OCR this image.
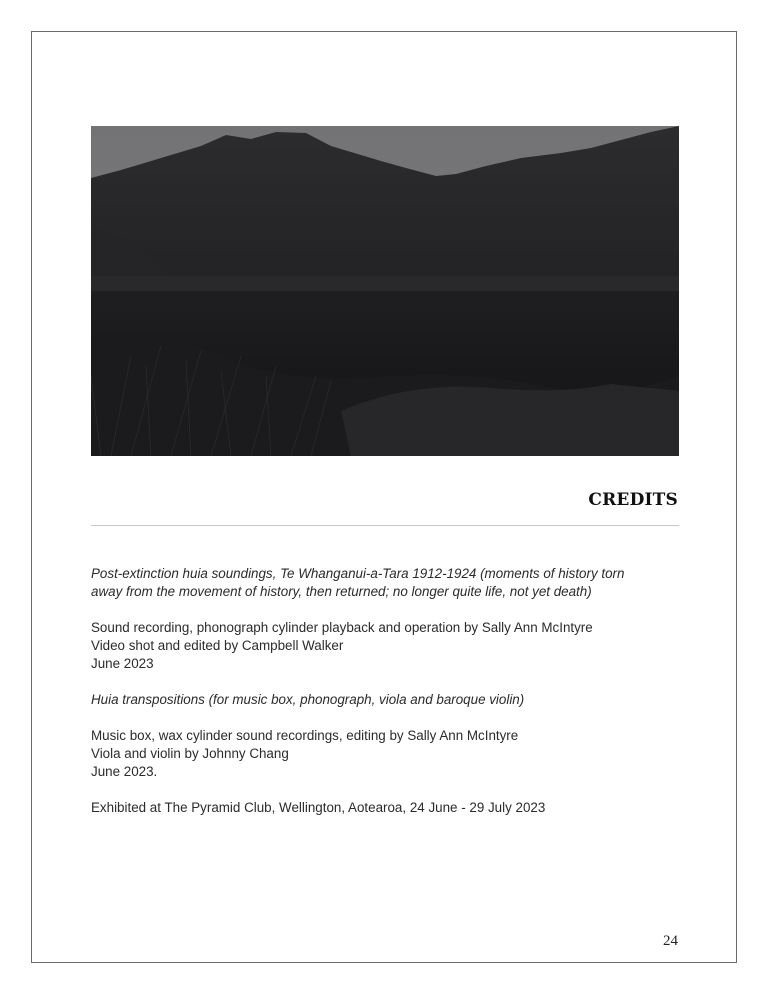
CREDITS

Post-extinction huia soundings, Te Whanganui-a-Tara 1912-1924 (moments of history torn

away from the movement of history, then returned; no longer quite life, not yet death)

Sound recording, phonograph cylinder playback and operation by Sally Ann McIntyre

Video shot and edited by Campbell Walker

June 2023

Huia transpositions (for music box, phonograph, viola and baroque violin)

Music box, wax cylinder sound recordings, editing by Sally Ann McIntyre

Viola and violin by Johnny Chang

June 2023.

Exhibited at The Pyramid Club, Wellington, Aotearoa, 24 June - 29 July 2023

24
